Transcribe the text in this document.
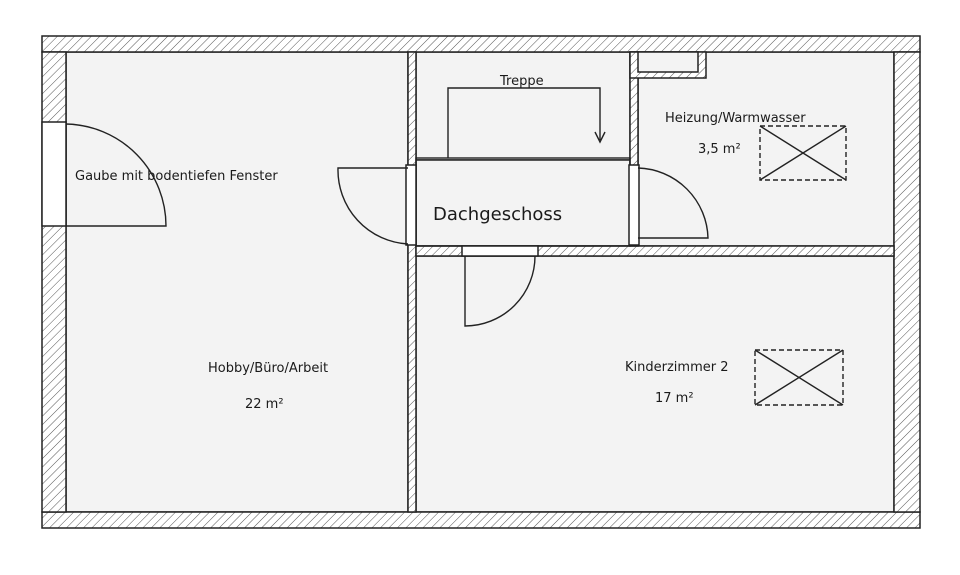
Treppe
Heizung/Warmwasser
3,5 m²
Gaube mit bodentiefen Fenster
Dachgeschoss
Hobby/Büro/Arbeit
22 m²
Kinderzimmer 2
17 m²
